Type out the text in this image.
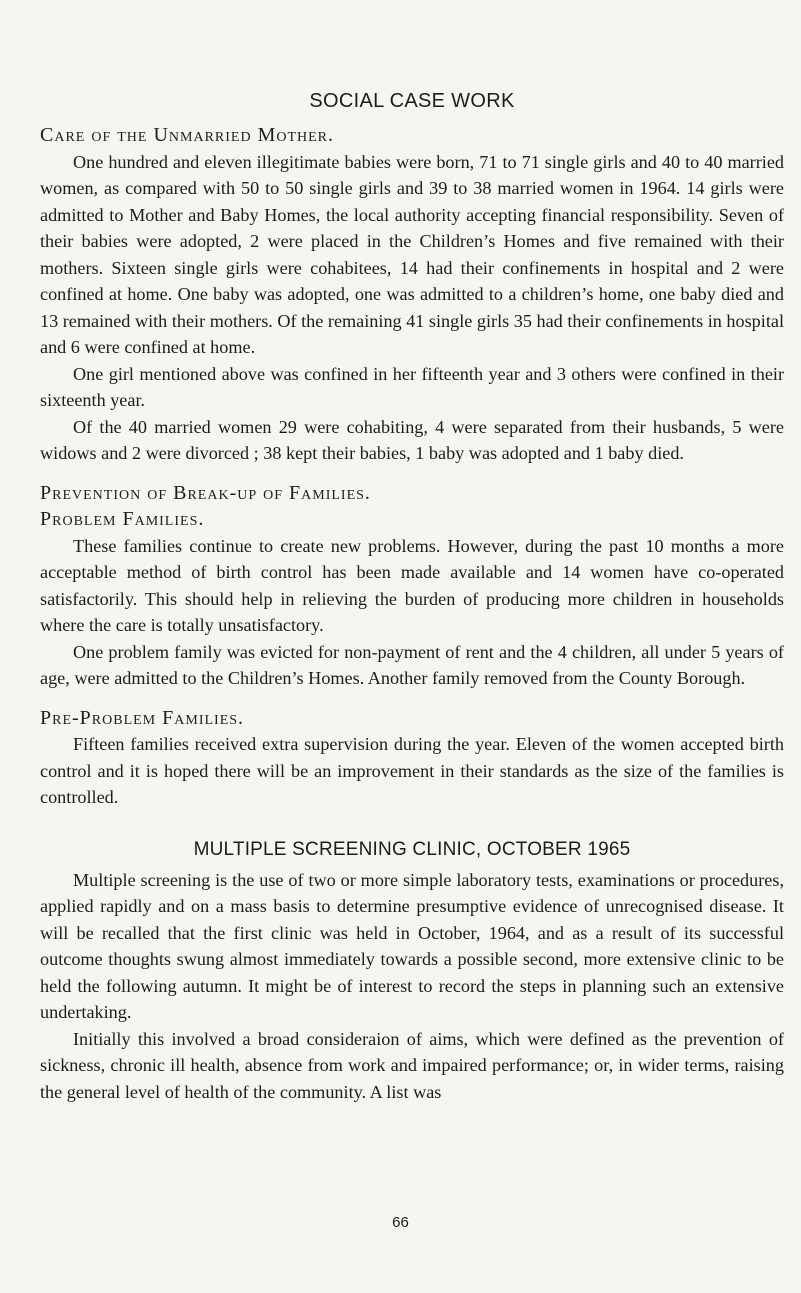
SOCIAL CASE WORK

Care of the Unmarried Mother.

One hundred and eleven illegitimate babies were born, 71 to 71 single girls and 40 to 40 married women, as compared with 50 to 50 single girls and 39 to 38 married women in 1964. 14 girls were admitted to Mother and Baby Homes, the local authority accepting financial responsibility. Seven of their babies were adopted, 2 were placed in the Children’s Homes and five remained with their mothers. Sixteen single girls were cohabitees, 14 had their confinements in hospital and 2 were confined at home. One baby was adopted, one was admitted to a children’s home, one baby died and 13 remained with their mothers. Of the remaining 41 single girls 35 had their confinements in hospital and 6 were confined at home.

One girl mentioned above was confined in her fifteenth year and 3 others were confined in their sixteenth year.

Of the 40 married women 29 were cohabiting, 4 were separated from their husbands, 5 were widows and 2 were divorced ; 38 kept their babies, 1 baby was adopted and 1 baby died.

Prevention of Break-up of Families.

Problem Families.

These families continue to create new problems. However, during the past 10 months a more acceptable method of birth control has been made available and 14 women have co-operated satisfactorily. This should help in relieving the burden of producing more children in households where the care is totally unsatisfactory.

One problem family was evicted for non-payment of rent and the 4 children, all under 5 years of age, were admitted to the Children’s Homes. Another family removed from the County Borough.

Pre-Problem Families.

Fifteen families received extra supervision during the year. Eleven of the women accepted birth control and it is hoped there will be an improvement in their standards as the size of the families is controlled.

MULTIPLE SCREENING CLINIC, OCTOBER 1965

Multiple screening is the use of two or more simple laboratory tests, examinations or procedures, applied rapidly and on a mass basis to determine presumptive evidence of unrecognised disease. It will be recalled that the first clinic was held in October, 1964, and as a result of its successful outcome thoughts swung almost immediately towards a possible second, more extensive clinic to be held the following autumn. It might be of interest to record the steps in planning such an extensive undertaking.

Initially this involved a broad consideraion of aims, which were defined as the prevention of sickness, chronic ill health, absence from work and impaired performance; or, in wider terms, raising the general level of health of the community. A list was

66
